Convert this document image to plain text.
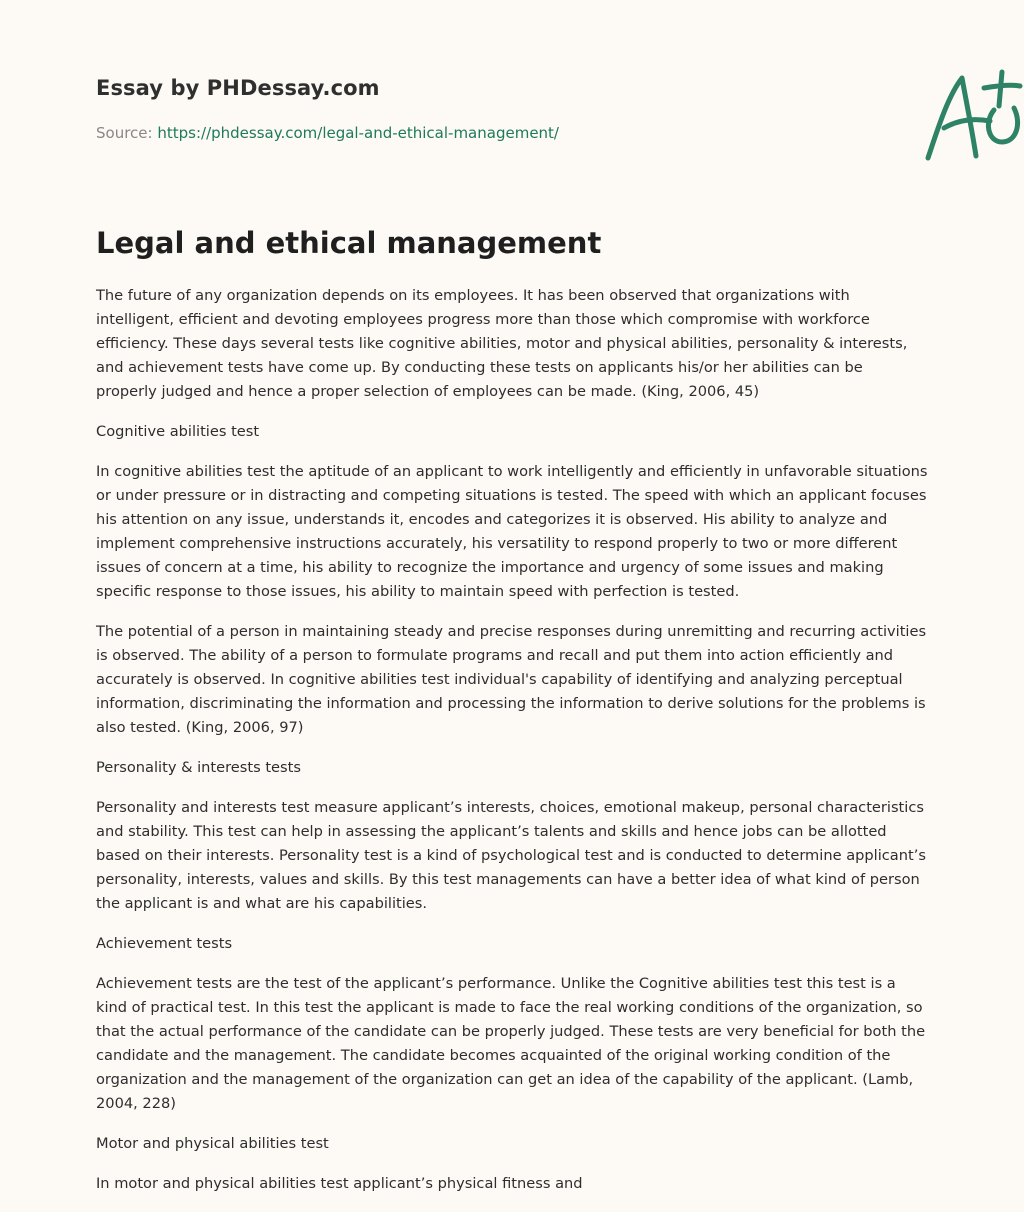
Essay by PHDessay.com
Source: https://phdessay.com/legal-and-ethical-management/
Legal and ethical management

The future of any organization depends on its employees. It has been observed that organizations with intelligent, efficient and devoting employees progress more than those which compromise with workforce efficiency. These days several tests like cognitive abilities, motor and physical abilities, personality & interests, and achievement tests have come up. By conducting these tests on applicants his/or her abilities can be properly judged and hence a proper selection of employees can be made. (King, 2006, 45)

Cognitive abilities test

In cognitive abilities test the aptitude of an applicant to work intelligently and efficiently in unfavorable situations or under pressure or in distracting and competing situations is tested. The speed with which an applicant focuses his attention on any issue, understands it, encodes and categorizes it is observed. His ability to analyze and implement comprehensive instructions accurately, his versatility to respond properly to two or more different issues of concern at a time, his ability to recognize the importance and urgency of some issues and making specific response to those issues, his ability to maintain speed with perfection is tested.

The potential of a person in maintaining steady and precise responses during unremitting and recurring activities is observed. The ability of a person to formulate programs and recall and put them into action efficiently and accurately is observed. In cognitive abilities test individual's capability of identifying and analyzing perceptual information, discriminating the information and processing the information to derive solutions for the problems is also tested. (King, 2006, 97)

Personality & interests tests

Personality and interests test measure applicant’s interests, choices, emotional makeup, personal characteristics and stability. This test can help in assessing the applicant’s talents and skills and hence jobs can be allotted based on their interests. Personality test is a kind of psychological test and is conducted to determine applicant’s personality, interests, values and skills. By this test managements can have a better idea of what kind of person the applicant is and what are his capabilities.

Achievement tests

Achievement tests are the test of the applicant’s performance. Unlike the Cognitive abilities test this test is a kind of practical test. In this test the applicant is made to face the real working conditions of the organization, so that the actual performance of the candidate can be properly judged. These tests are very beneficial for both the candidate and the management. The candidate becomes acquainted of the original working condition of the organization and the management of the organization can get an idea of the capability of the applicant. (Lamb, 2004, 228)

Motor and physical abilities test

In motor and physical abilities test applicant’s physical fitness and
